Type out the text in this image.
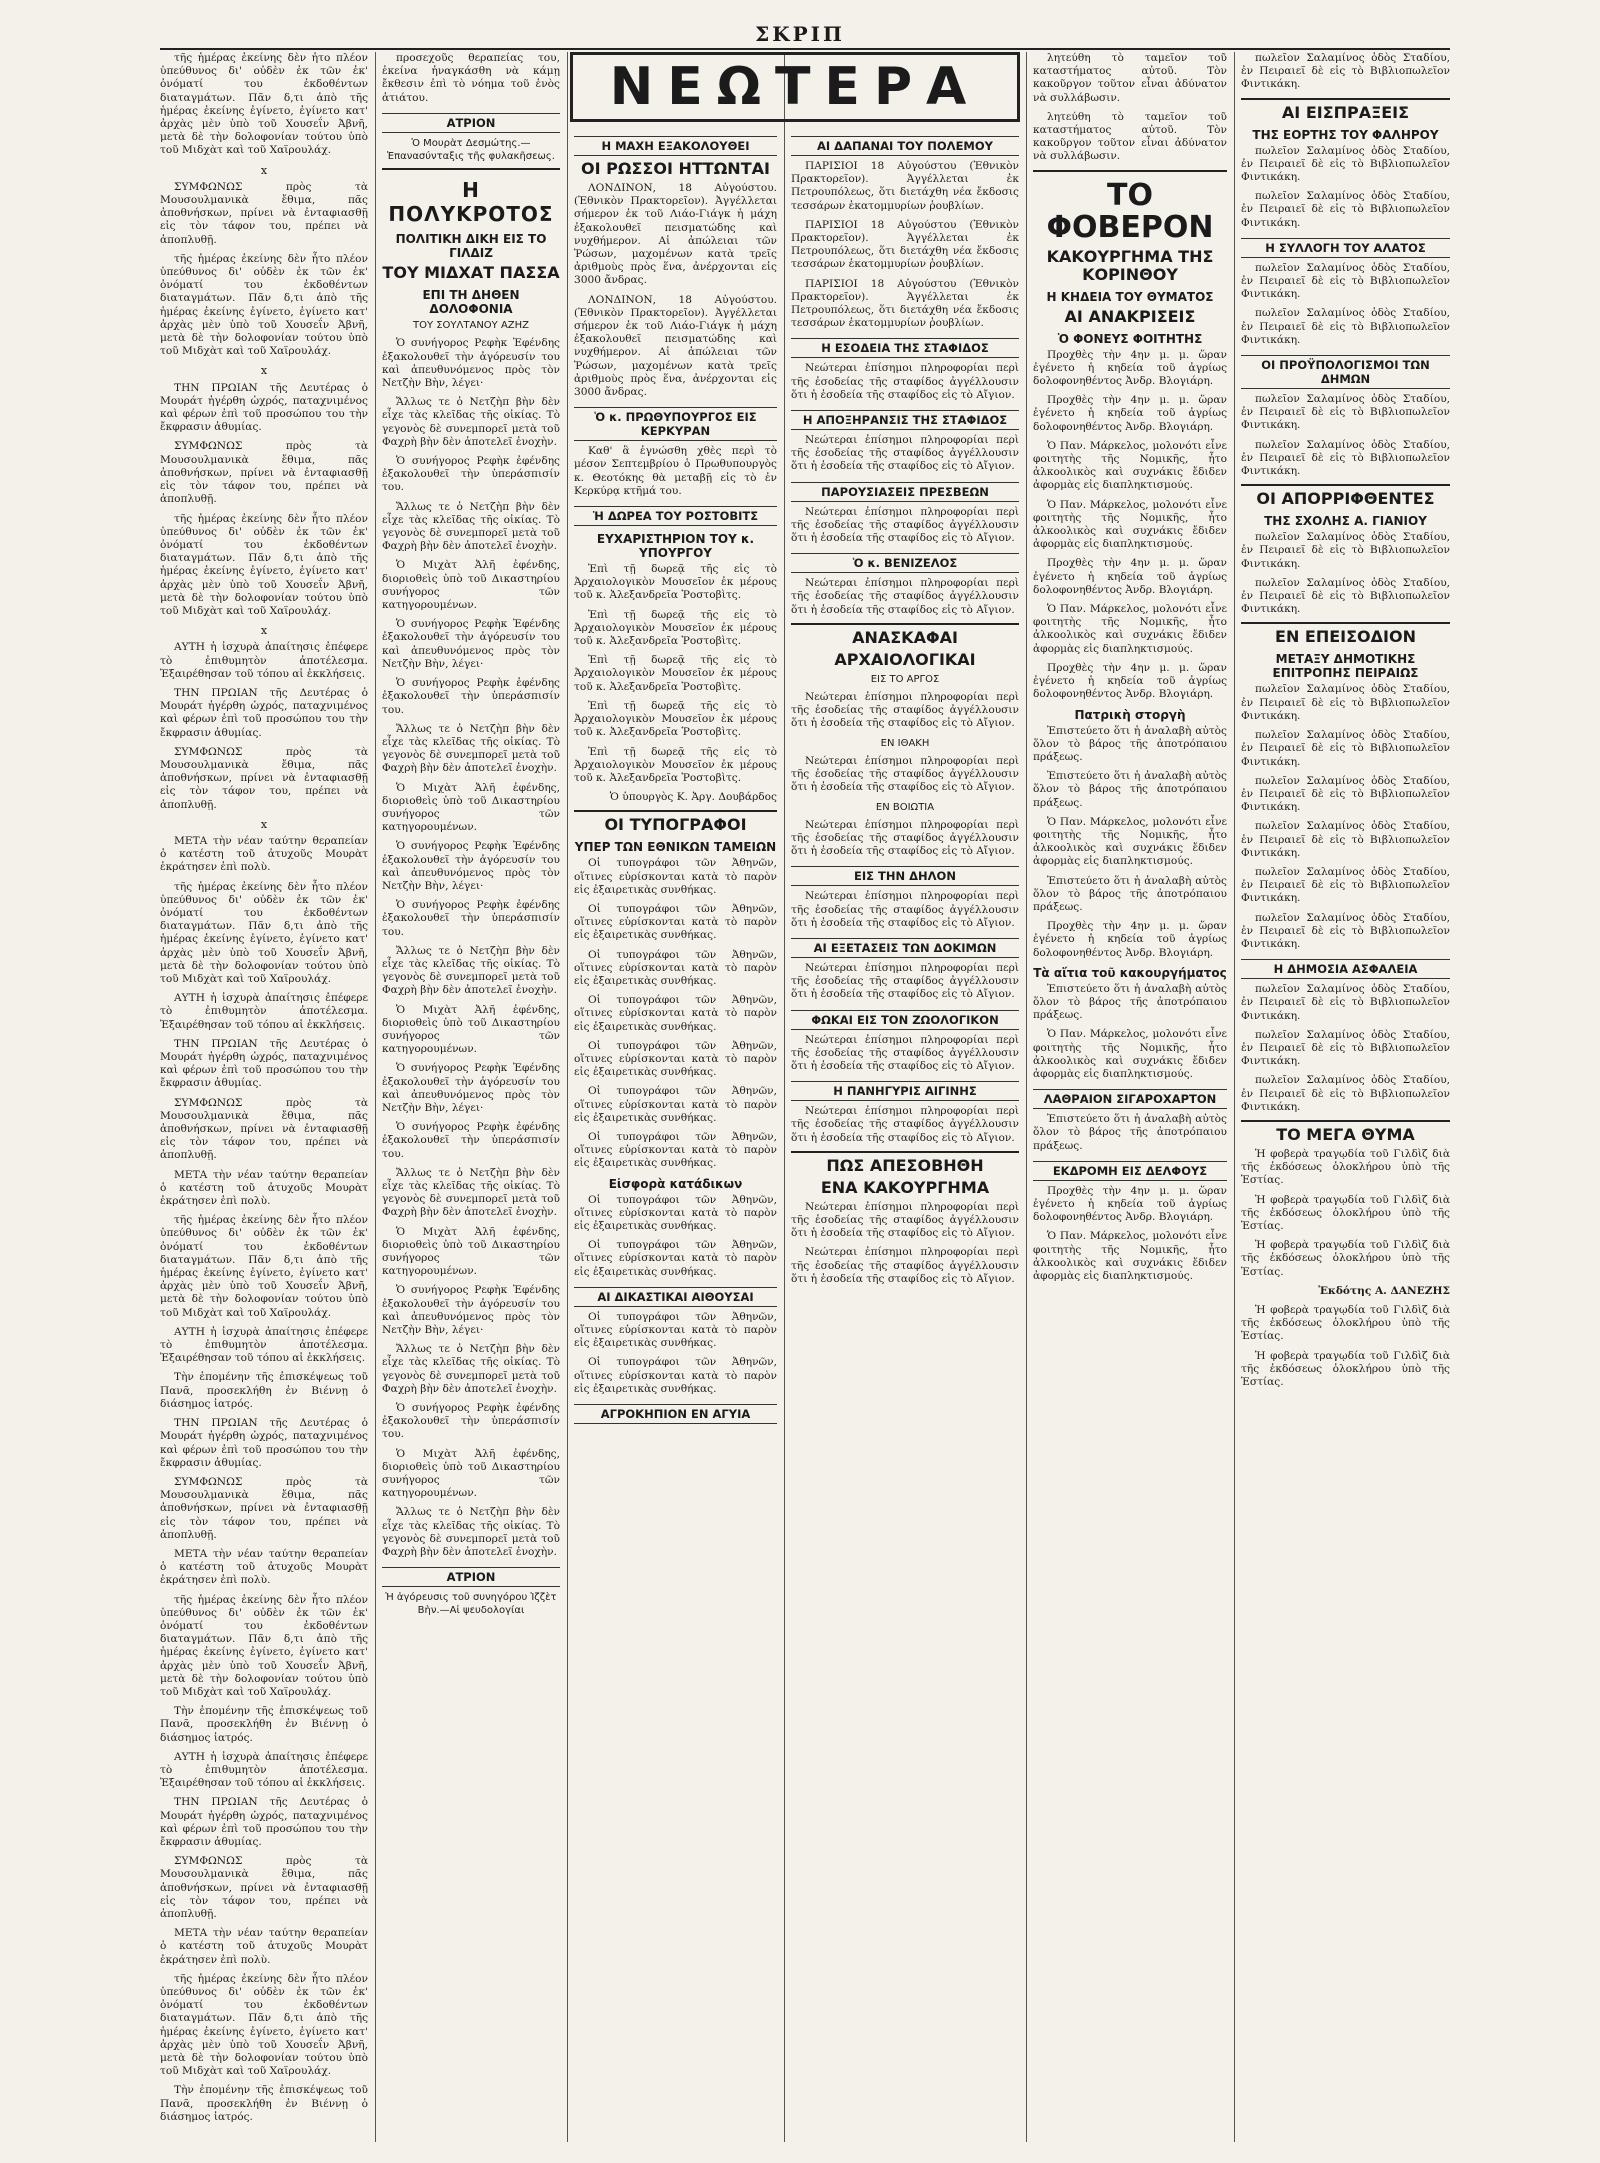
ΣΚΡΙΠ

τῆς ἡμέρας ἐκείνης δὲν ἦτο πλέον ὑπεύθυνος δι' οὐδὲν ἐκ τῶν ἐκ' ὀνόματί του ἐκδοθέντων διαταγμάτων. Πᾶν δ,τι ἀπὸ τῆς ἡμέρας ἐκείνης ἐγίνετο, ἐγίνετο κατ' ἀρχὰς μὲν ὑπὸ τοῦ Χουσεΐν Ἀβνῆ, μετὰ δὲ τὴν δολοφονίαν τούτου ὑπὸ τοῦ Μιδχὰτ καὶ τοῦ Χαϊρουλάχ.

x

ΣΥΜΦΩΝΩΣ πρὸς τὰ Μουσουλμανικὰ ἔθιμα, πᾶς ἀποθνήσκων, πρίνει νὰ ἐνταφιασθῇ εἰς τὸν τάφον του, πρέπει νὰ ἀποπλυθῇ.

τῆς ἡμέρας ἐκείνης δὲν ἦτο πλέον ὑπεύθυνος δι' οὐδὲν ἐκ τῶν ἐκ' ὀνόματί του ἐκδοθέντων διαταγμάτων. Πᾶν δ,τι ἀπὸ τῆς ἡμέρας ἐκείνης ἐγίνετο, ἐγίνετο κατ' ἀρχὰς μὲν ὑπὸ τοῦ Χουσεΐν Ἀβνῆ, μετὰ δὲ τὴν δολοφονίαν τούτου ὑπὸ τοῦ Μιδχὰτ καὶ τοῦ Χαϊρουλάχ.

x

ΤΗΝ ΠΡΩΙΑΝ τῆς Δευτέρας ὁ Μουράτ ἠγέρθη ὠχρός, παταχνιμένος καὶ φέρων ἐπὶ τοῦ προσώπου του τὴν ἔκφρασιν ἀθυμίας.

ΣΥΜΦΩΝΩΣ πρὸς τὰ Μουσουλμανικὰ ἔθιμα, πᾶς ἀποθνήσκων, πρίνει νὰ ἐνταφιασθῇ εἰς τὸν τάφον του, πρέπει νὰ ἀποπλυθῇ.

τῆς ἡμέρας ἐκείνης δὲν ἦτο πλέον ὑπεύθυνος δι' οὐδὲν ἐκ τῶν ἐκ' ὀνόματί του ἐκδοθέντων διαταγμάτων. Πᾶν δ,τι ἀπὸ τῆς ἡμέρας ἐκείνης ἐγίνετο, ἐγίνετο κατ' ἀρχὰς μὲν ὑπὸ τοῦ Χουσεΐν Ἀβνῆ, μετὰ δὲ τὴν δολοφονίαν τούτου ὑπὸ τοῦ Μιδχὰτ καὶ τοῦ Χαϊρουλάχ.

x

ΑΥΤΗ ἡ ἰσχυρὰ ἀπαίτησις ἐπέφερε τὸ ἐπιθυμητὸν ἀποτέλεσμα. Ἐξαιρέθησαν τοῦ τόπου αἱ ἐκκλήσεις.

ΤΗΝ ΠΡΩΙΑΝ τῆς Δευτέρας ὁ Μουράτ ἠγέρθη ὠχρός, παταχνιμένος καὶ φέρων ἐπὶ τοῦ προσώπου του τὴν ἔκφρασιν ἀθυμίας.

ΣΥΜΦΩΝΩΣ πρὸς τὰ Μουσουλμανικὰ ἔθιμα, πᾶς ἀποθνήσκων, πρίνει νὰ ἐνταφιασθῇ εἰς τὸν τάφον του, πρέπει νὰ ἀποπλυθῇ.

x

ΜΕΤΑ τὴν νέαν ταύτην θεραπείαν ὁ κατέστη τοῦ ἀτυχοῦς Μουρὰτ ἐκράτησεν ἐπὶ πολὺ.

τῆς ἡμέρας ἐκείνης δὲν ἦτο πλέον ὑπεύθυνος δι' οὐδὲν ἐκ τῶν ἐκ' ὀνόματί του ἐκδοθέντων διαταγμάτων. Πᾶν δ,τι ἀπὸ τῆς ἡμέρας ἐκείνης ἐγίνετο, ἐγίνετο κατ' ἀρχὰς μὲν ὑπὸ τοῦ Χουσεΐν Ἀβνῆ, μετὰ δὲ τὴν δολοφονίαν τούτου ὑπὸ τοῦ Μιδχὰτ καὶ τοῦ Χαϊρουλάχ.

ΑΥΤΗ ἡ ἰσχυρὰ ἀπαίτησις ἐπέφερε τὸ ἐπιθυμητὸν ἀποτέλεσμα. Ἐξαιρέθησαν τοῦ τόπου αἱ ἐκκλήσεις.

ΤΗΝ ΠΡΩΙΑΝ τῆς Δευτέρας ὁ Μουράτ ἠγέρθη ὠχρός, παταχνιμένος καὶ φέρων ἐπὶ τοῦ προσώπου του τὴν ἔκφρασιν ἀθυμίας.

ΣΥΜΦΩΝΩΣ πρὸς τὰ Μουσουλμανικὰ ἔθιμα, πᾶς ἀποθνήσκων, πρίνει νὰ ἐνταφιασθῇ εἰς τὸν τάφον του, πρέπει νὰ ἀποπλυθῇ.

ΜΕΤΑ τὴν νέαν ταύτην θεραπείαν ὁ κατέστη τοῦ ἀτυχοῦς Μουρὰτ ἐκράτησεν ἐπὶ πολὺ.

τῆς ἡμέρας ἐκείνης δὲν ἦτο πλέον ὑπεύθυνος δι' οὐδὲν ἐκ τῶν ἐκ' ὀνόματί του ἐκδοθέντων διαταγμάτων. Πᾶν δ,τι ἀπὸ τῆς ἡμέρας ἐκείνης ἐγίνετο, ἐγίνετο κατ' ἀρχὰς μὲν ὑπὸ τοῦ Χουσεΐν Ἀβνῆ, μετὰ δὲ τὴν δολοφονίαν τούτου ὑπὸ τοῦ Μιδχὰτ καὶ τοῦ Χαϊρουλάχ.

ΑΥΤΗ ἡ ἰσχυρὰ ἀπαίτησις ἐπέφερε τὸ ἐπιθυμητὸν ἀποτέλεσμα. Ἐξαιρέθησαν τοῦ τόπου αἱ ἐκκλήσεις.

Τὴν ἐπομένην τῆς ἐπισκέψεως τοῦ Πανᾶ, προσεκλήθη ἐν Βιέννῃ ὁ διάσημος ἰατρός.

ΤΗΝ ΠΡΩΙΑΝ τῆς Δευτέρας ὁ Μουράτ ἠγέρθη ὠχρός, παταχνιμένος καὶ φέρων ἐπὶ τοῦ προσώπου του τὴν ἔκφρασιν ἀθυμίας.

ΣΥΜΦΩΝΩΣ πρὸς τὰ Μουσουλμανικὰ ἔθιμα, πᾶς ἀποθνήσκων, πρίνει νὰ ἐνταφιασθῇ εἰς τὸν τάφον του, πρέπει νὰ ἀποπλυθῇ.

ΜΕΤΑ τὴν νέαν ταύτην θεραπείαν ὁ κατέστη τοῦ ἀτυχοῦς Μουρὰτ ἐκράτησεν ἐπὶ πολὺ.

τῆς ἡμέρας ἐκείνης δὲν ἦτο πλέον ὑπεύθυνος δι' οὐδὲν ἐκ τῶν ἐκ' ὀνόματί του ἐκδοθέντων διαταγμάτων. Πᾶν δ,τι ἀπὸ τῆς ἡμέρας ἐκείνης ἐγίνετο, ἐγίνετο κατ' ἀρχὰς μὲν ὑπὸ τοῦ Χουσεΐν Ἀβνῆ, μετὰ δὲ τὴν δολοφονίαν τούτου ὑπὸ τοῦ Μιδχὰτ καὶ τοῦ Χαϊρουλάχ.

Τὴν ἐπομένην τῆς ἐπισκέψεως τοῦ Πανᾶ, προσεκλήθη ἐν Βιέννῃ ὁ διάσημος ἰατρός.

ΑΥΤΗ ἡ ἰσχυρὰ ἀπαίτησις ἐπέφερε τὸ ἐπιθυμητὸν ἀποτέλεσμα. Ἐξαιρέθησαν τοῦ τόπου αἱ ἐκκλήσεις.

ΤΗΝ ΠΡΩΙΑΝ τῆς Δευτέρας ὁ Μουράτ ἠγέρθη ὠχρός, παταχνιμένος καὶ φέρων ἐπὶ τοῦ προσώπου του τὴν ἔκφρασιν ἀθυμίας.

ΣΥΜΦΩΝΩΣ πρὸς τὰ Μουσουλμανικὰ ἔθιμα, πᾶς ἀποθνήσκων, πρίνει νὰ ἐνταφιασθῇ εἰς τὸν τάφον του, πρέπει νὰ ἀποπλυθῇ.

ΜΕΤΑ τὴν νέαν ταύτην θεραπείαν ὁ κατέστη τοῦ ἀτυχοῦς Μουρὰτ ἐκράτησεν ἐπὶ πολὺ.

τῆς ἡμέρας ἐκείνης δὲν ἦτο πλέον ὑπεύθυνος δι' οὐδὲν ἐκ τῶν ἐκ' ὀνόματί του ἐκδοθέντων διαταγμάτων. Πᾶν δ,τι ἀπὸ τῆς ἡμέρας ἐκείνης ἐγίνετο, ἐγίνετο κατ' ἀρχὰς μὲν ὑπὸ τοῦ Χουσεΐν Ἀβνῆ, μετὰ δὲ τὴν δολοφονίαν τούτου ὑπὸ τοῦ Μιδχὰτ καὶ τοῦ Χαϊρουλάχ.

Τὴν ἐπομένην τῆς ἐπισκέψεως τοῦ Πανᾶ, προσεκλήθη ἐν Βιέννῃ ὁ διάσημος ἰατρός.

προσεχοῦς θεραπείας του, ἐκείνα ἠναγκάσθη νὰ κάμῃ ἔκθεσιν ἐπὶ τὸ νόημα τοῦ ἑνὸς ἀτιάτου.

ΑΤΡΙΟΝ
Ὁ Μουρὰτ Δεσμώτης.—Ἐπανασύνταξις τῆς φυλακῆσεως.
Η ΠΟΛΥΚΡΟΤΟΣ
ΠΟΛΙΤΙΚΗ ΔΙΚΗ ΕΙΣ ΤΟ ΓΙΛΔΙΖ
ΤΟΥ ΜΙΔΧΑΤ ΠΑΣΣΑ
ΕΠΙ ΤΗ ΔΗΘΕΝ ΔΟΛΟΦΟΝΙΑ
ΤΟΥ ΣΟΥΛΤΑΝΟΥ ΑΖΗΖ

Ὁ συνήγορος Ρεφὴκ Ἐφένδης ἐξακολουθεῖ τὴν ἀγόρευσίν του καὶ ἀπευθυνόμενος πρὸς τὸν Νετζὴν Βὴν, λέγει·

Ἄλλως τε ὁ Νετζὴπ βὴν δὲν εἶχε τὰς κλεῖδας τῆς οἰκίας. Τὸ γεγονὸς δὲ συνεμπορεῖ μετὰ τοῦ Φαχρὴ βὴν δὲν ἀποτελεῖ ἐνοχὴν.

Ὁ συνήγορος Ρεφὴκ ἐφένδης ἐξακολουθεῖ τὴν ὑπεράσπισίν του.

Ἄλλως τε ὁ Νετζὴπ βὴν δὲν εἶχε τὰς κλεῖδας τῆς οἰκίας. Τὸ γεγονὸς δὲ συνεμπορεῖ μετὰ τοῦ Φαχρὴ βὴν δὲν ἀποτελεῖ ἐνοχὴν.

Ὁ Μιχὰτ Ἀλῆ ἐφένδης, διοριοθεὶς ὑπὸ τοῦ Δικαστηρίου συνήγορος τῶν κατηγορουμένων.

Ὁ συνήγορος Ρεφὴκ Ἐφένδης ἐξακολουθεῖ τὴν ἀγόρευσίν του καὶ ἀπευθυνόμενος πρὸς τὸν Νετζὴν Βὴν, λέγει·

Ὁ συνήγορος Ρεφὴκ ἐφένδης ἐξακολουθεῖ τὴν ὑπεράσπισίν του.

Ἄλλως τε ὁ Νετζὴπ βὴν δὲν εἶχε τὰς κλεῖδας τῆς οἰκίας. Τὸ γεγονὸς δὲ συνεμπορεῖ μετὰ τοῦ Φαχρὴ βὴν δὲν ἀποτελεῖ ἐνοχὴν.

Ὁ Μιχὰτ Ἀλῆ ἐφένδης, διοριοθεὶς ὑπὸ τοῦ Δικαστηρίου συνήγορος τῶν κατηγορουμένων.

Ὁ συνήγορος Ρεφὴκ Ἐφένδης ἐξακολουθεῖ τὴν ἀγόρευσίν του καὶ ἀπευθυνόμενος πρὸς τὸν Νετζὴν Βὴν, λέγει·

Ὁ συνήγορος Ρεφὴκ ἐφένδης ἐξακολουθεῖ τὴν ὑπεράσπισίν του.

Ἄλλως τε ὁ Νετζὴπ βὴν δὲν εἶχε τὰς κλεῖδας τῆς οἰκίας. Τὸ γεγονὸς δὲ συνεμπορεῖ μετὰ τοῦ Φαχρὴ βὴν δὲν ἀποτελεῖ ἐνοχὴν.

Ὁ Μιχὰτ Ἀλῆ ἐφένδης, διοριοθεὶς ὑπὸ τοῦ Δικαστηρίου συνήγορος τῶν κατηγορουμένων.

Ὁ συνήγορος Ρεφὴκ Ἐφένδης ἐξακολουθεῖ τὴν ἀγόρευσίν του καὶ ἀπευθυνόμενος πρὸς τὸν Νετζὴν Βὴν, λέγει·

Ὁ συνήγορος Ρεφὴκ ἐφένδης ἐξακολουθεῖ τὴν ὑπεράσπισίν του.

Ἄλλως τε ὁ Νετζὴπ βὴν δὲν εἶχε τὰς κλεῖδας τῆς οἰκίας. Τὸ γεγονὸς δὲ συνεμπορεῖ μετὰ τοῦ Φαχρὴ βὴν δὲν ἀποτελεῖ ἐνοχὴν.

Ὁ Μιχὰτ Ἀλῆ ἐφένδης, διοριοθεὶς ὑπὸ τοῦ Δικαστηρίου συνήγορος τῶν κατηγορουμένων.

Ὁ συνήγορος Ρεφὴκ Ἐφένδης ἐξακολουθεῖ τὴν ἀγόρευσίν του καὶ ἀπευθυνόμενος πρὸς τὸν Νετζὴν Βὴν, λέγει·

Ἄλλως τε ὁ Νετζὴπ βὴν δὲν εἶχε τὰς κλεῖδας τῆς οἰκίας. Τὸ γεγονὸς δὲ συνεμπορεῖ μετὰ τοῦ Φαχρὴ βὴν δὲν ἀποτελεῖ ἐνοχὴν.

Ὁ συνήγορος Ρεφὴκ ἐφένδης ἐξακολουθεῖ τὴν ὑπεράσπισίν του.

Ὁ Μιχὰτ Ἀλῆ ἐφένδης, διοριοθεὶς ὑπὸ τοῦ Δικαστηρίου συνήγορος τῶν κατηγορουμένων.

Ἄλλως τε ὁ Νετζὴπ βὴν δὲν εἶχε τὰς κλεῖδας τῆς οἰκίας. Τὸ γεγονὸς δὲ συνεμπορεῖ μετὰ τοῦ Φαχρὴ βὴν δὲν ἀποτελεῖ ἐνοχὴν.

ΑΤΡΙΟΝ
Ἡ ἀγόρευσις τοῦ συνηγόρου Ἰζζὲτ Βὴν.—Αἱ ψευδολογίαι
ΝΕΩΤΕΡΑ
Η ΜΑΧΗ ΕΞΑΚΟΛΟΥΘΕΙ
ΟΙ ΡΩΣΣΟΙ ΗΤΤΩΝΤΑΙ

ΛΟΝΔΙΝΟΝ, 18 Αὐγούστου. (Ἐθνικὸν Πρακτορεῖον). Ἀγγέλλεται σήμερον ἐκ τοῦ Λιάο-Γιάγκ ἡ μάχη ἐξακολουθεῖ πεισματώδης καὶ νυχθήμερον. Αἱ ἀπώλειαι τῶν Ῥώσων, μαχομένων κατὰ τρεῖς ἀριθμοὺς πρὸς ἕνα, ἀνέρχονται εἰς 3000 ἄνδρας.

ΛΟΝΔΙΝΟΝ, 18 Αὐγούστου. (Ἐθνικὸν Πρακτορεῖον). Ἀγγέλλεται σήμερον ἐκ τοῦ Λιάο-Γιάγκ ἡ μάχη ἐξακολουθεῖ πεισματώδης καὶ νυχθήμερον. Αἱ ἀπώλειαι τῶν Ῥώσων, μαχομένων κατὰ τρεῖς ἀριθμοὺς πρὸς ἕνα, ἀνέρχονται εἰς 3000 ἄνδρας.

Ὁ κ. ΠΡΩΘΥΠΟΥΡΓΟΣ ΕΙΣ ΚΕΡΚΥΡΑΝ

Καθ' ἃ ἐγνώσθη χθὲς περὶ τὸ μέσον Σεπτεμβρίου ὁ Πρωθυπουργὸς κ. Θεοτόκης θὰ μεταβῇ εἰς τὸ ἐν Κερκύρᾳ κτῆμά του.

Ἡ ΔΩΡΕΑ ΤΟΥ ΡΟΣΤΟΒΙΤΣ
ΕΥΧΑΡΙΣΤΗΡΙΟΝ ΤΟΥ κ. ΥΠΟΥΡΓΟΥ

Ἐπὶ τῇ δωρεᾷ τῆς εἰς τὸ Ἀρχαιολογικὸν Μουσεῖον ἐκ μέρους τοῦ κ. Ἀλεξανδρεῖα Ῥοστοβὶτς.

Ἐπὶ τῇ δωρεᾷ τῆς εἰς τὸ Ἀρχαιολογικὸν Μουσεῖον ἐκ μέρους τοῦ κ. Ἀλεξανδρεῖα Ῥοστοβὶτς.

Ἐπὶ τῇ δωρεᾷ τῆς εἰς τὸ Ἀρχαιολογικὸν Μουσεῖον ἐκ μέρους τοῦ κ. Ἀλεξανδρεῖα Ῥοστοβὶτς.

Ἐπὶ τῇ δωρεᾷ τῆς εἰς τὸ Ἀρχαιολογικὸν Μουσεῖον ἐκ μέρους τοῦ κ. Ἀλεξανδρεῖα Ῥοστοβὶτς.

Ἐπὶ τῇ δωρεᾷ τῆς εἰς τὸ Ἀρχαιολογικὸν Μουσεῖον ἐκ μέρους τοῦ κ. Ἀλεξανδρεῖα Ῥοστοβὶτς.

Ὁ ὑπουργὸς Κ. Ἀργ. Δουβάρδος

ΟΙ ΤΥΠΟΓΡΑΦΟΙ
ΥΠΕΡ ΤΩΝ ΕΘΝΙΚΩΝ ΤΑΜΕΙΩΝ

Οἱ τυπογράφοι τῶν Ἀθηνῶν, οἵτινες εὑρίσκονται κατὰ τὸ παρὸν εἰς ἐξαιρετικὰς συνθήκας.

Οἱ τυπογράφοι τῶν Ἀθηνῶν, οἵτινες εὑρίσκονται κατὰ τὸ παρὸν εἰς ἐξαιρετικὰς συνθήκας.

Οἱ τυπογράφοι τῶν Ἀθηνῶν, οἵτινες εὑρίσκονται κατὰ τὸ παρὸν εἰς ἐξαιρετικὰς συνθήκας.

Οἱ τυπογράφοι τῶν Ἀθηνῶν, οἵτινες εὑρίσκονται κατὰ τὸ παρὸν εἰς ἐξαιρετικὰς συνθήκας.

Οἱ τυπογράφοι τῶν Ἀθηνῶν, οἵτινες εὑρίσκονται κατὰ τὸ παρὸν εἰς ἐξαιρετικὰς συνθήκας.

Οἱ τυπογράφοι τῶν Ἀθηνῶν, οἵτινες εὑρίσκονται κατὰ τὸ παρὸν εἰς ἐξαιρετικὰς συνθήκας.

Οἱ τυπογράφοι τῶν Ἀθηνῶν, οἵτινες εὑρίσκονται κατὰ τὸ παρὸν εἰς ἐξαιρετικὰς συνθήκας.

Εἰσφορὰ κατάδικων

Οἱ τυπογράφοι τῶν Ἀθηνῶν, οἵτινες εὑρίσκονται κατὰ τὸ παρὸν εἰς ἐξαιρετικὰς συνθήκας.

Οἱ τυπογράφοι τῶν Ἀθηνῶν, οἵτινες εὑρίσκονται κατὰ τὸ παρὸν εἰς ἐξαιρετικὰς συνθήκας.

ΑΙ ΔΙΚΑΣΤΙΚΑΙ ΑΙΘΟΥΣΑΙ

Οἱ τυπογράφοι τῶν Ἀθηνῶν, οἵτινες εὑρίσκονται κατὰ τὸ παρὸν εἰς ἐξαιρετικὰς συνθήκας.

Οἱ τυπογράφοι τῶν Ἀθηνῶν, οἵτινες εὑρίσκονται κατὰ τὸ παρὸν εἰς ἐξαιρετικὰς συνθήκας.

ΑΓΡΟΚΗΠΙΟΝ ΕΝ ΑΓΥΙΑ
ΑΙ ΔΑΠΑΝΑΙ ΤΟΥ ΠΟΛΕΜΟΥ

ΠΑΡΙΣΙΟΙ 18 Αὐγούστου (Ἐθνικὸν Πρακτορεῖον). Ἀγγέλλεται ἐκ Πετρουπόλεως, ὅτι διετάχθη νέα ἔκδοσις τεσσάρων ἑκατομμυρίων ῥουβλίων.

ΠΑΡΙΣΙΟΙ 18 Αὐγούστου (Ἐθνικὸν Πρακτορεῖον). Ἀγγέλλεται ἐκ Πετρουπόλεως, ὅτι διετάχθη νέα ἔκδοσις τεσσάρων ἑκατομμυρίων ῥουβλίων.

ΠΑΡΙΣΙΟΙ 18 Αὐγούστου (Ἐθνικὸν Πρακτορεῖον). Ἀγγέλλεται ἐκ Πετρουπόλεως, ὅτι διετάχθη νέα ἔκδοσις τεσσάρων ἑκατομμυρίων ῥουβλίων.

Η ΕΣΟΔΕΙΑ ΤΗΣ ΣΤΑΦΙΔΟΣ

Νεώτεραι ἐπίσημοι πληροφορίαι περὶ τῆς ἐσοδείας τῆς σταφίδος ἀγγέλλουσιν ὅτι ἡ ἐσοδεία τῆς σταφίδος εἰς τὸ Αἴγιον.

Η ΑΠΟΞΗΡΑΝΣΙΣ ΤΗΣ ΣΤΑΦΙΔΟΣ

Νεώτεραι ἐπίσημοι πληροφορίαι περὶ τῆς ἐσοδείας τῆς σταφίδος ἀγγέλλουσιν ὅτι ἡ ἐσοδεία τῆς σταφίδος εἰς τὸ Αἴγιον.

ΠΑΡΟΥΣΙΑΣΕΙΣ ΠΡΕΣΒΕΩΝ

Νεώτεραι ἐπίσημοι πληροφορίαι περὶ τῆς ἐσοδείας τῆς σταφίδος ἀγγέλλουσιν ὅτι ἡ ἐσοδεία τῆς σταφίδος εἰς τὸ Αἴγιον.

Ὁ κ. ΒΕΝΙΖΕΛΟΣ

Νεώτεραι ἐπίσημοι πληροφορίαι περὶ τῆς ἐσοδείας τῆς σταφίδος ἀγγέλλουσιν ὅτι ἡ ἐσοδεία τῆς σταφίδος εἰς τὸ Αἴγιον.

ΑΝΑΣΚΑΦΑΙ
ΑΡΧΑΙΟΛΟΓΙΚΑΙ
ΕΙΣ ΤΟ ΑΡΓΟΣ

Νεώτεραι ἐπίσημοι πληροφορίαι περὶ τῆς ἐσοδείας τῆς σταφίδος ἀγγέλλουσιν ὅτι ἡ ἐσοδεία τῆς σταφίδος εἰς τὸ Αἴγιον.

ΕΝ ΙΘΑΚΗ

Νεώτεραι ἐπίσημοι πληροφορίαι περὶ τῆς ἐσοδείας τῆς σταφίδος ἀγγέλλουσιν ὅτι ἡ ἐσοδεία τῆς σταφίδος εἰς τὸ Αἴγιον.

ΕΝ ΒΟΙΩΤΙΑ

Νεώτεραι ἐπίσημοι πληροφορίαι περὶ τῆς ἐσοδείας τῆς σταφίδος ἀγγέλλουσιν ὅτι ἡ ἐσοδεία τῆς σταφίδος εἰς τὸ Αἴγιον.

ΕΙΣ ΤΗΝ ΔΗΛΟΝ

Νεώτεραι ἐπίσημοι πληροφορίαι περὶ τῆς ἐσοδείας τῆς σταφίδος ἀγγέλλουσιν ὅτι ἡ ἐσοδεία τῆς σταφίδος εἰς τὸ Αἴγιον.

ΑΙ ΕΞΕΤΑΣΕΙΣ ΤΩΝ ΔΟΚΙΜΩΝ

Νεώτεραι ἐπίσημοι πληροφορίαι περὶ τῆς ἐσοδείας τῆς σταφίδος ἀγγέλλουσιν ὅτι ἡ ἐσοδεία τῆς σταφίδος εἰς τὸ Αἴγιον.

ΦΩΚΑΙ ΕΙΣ ΤΟΝ ΖΩΟΛΟΓΙΚΟΝ

Νεώτεραι ἐπίσημοι πληροφορίαι περὶ τῆς ἐσοδείας τῆς σταφίδος ἀγγέλλουσιν ὅτι ἡ ἐσοδεία τῆς σταφίδος εἰς τὸ Αἴγιον.

Η ΠΑΝΗΓΥΡΙΣ ΑΙΓΙΝΗΣ

Νεώτεραι ἐπίσημοι πληροφορίαι περὶ τῆς ἐσοδείας τῆς σταφίδος ἀγγέλλουσιν ὅτι ἡ ἐσοδεία τῆς σταφίδος εἰς τὸ Αἴγιον.

ΠΩΣ ΑΠΕΣΟΒΗΘΗ
ΕΝΑ ΚΑΚΟΥΡΓΗΜΑ

Νεώτεραι ἐπίσημοι πληροφορίαι περὶ τῆς ἐσοδείας τῆς σταφίδος ἀγγέλλουσιν ὅτι ἡ ἐσοδεία τῆς σταφίδος εἰς τὸ Αἴγιον.

Νεώτεραι ἐπίσημοι πληροφορίαι περὶ τῆς ἐσοδείας τῆς σταφίδος ἀγγέλλουσιν ὅτι ἡ ἐσοδεία τῆς σταφίδος εἰς τὸ Αἴγιον.

λητεύθη τὸ ταμεῖον τοῦ καταστήματος αὐτοῦ. Τὸν κακοῦργον τοῦτον εἶναι ἀδύνατον νὰ συλλάβωσιν.

λητεύθη τὸ ταμεῖον τοῦ καταστήματος αὐτοῦ. Τὸν κακοῦργον τοῦτον εἶναι ἀδύνατον νὰ συλλάβωσιν.

ΤΟ ΦΟΒΕΡΟΝ
ΚΑΚΟΥΡΓΗΜΑ ΤΗΣ ΚΟΡΙΝΘΟΥ
Η ΚΗΔΕΙΑ ΤΟΥ ΘΥΜΑΤΟΣ
ΑΙ ΑΝΑΚΡΙΣΕΙΣ
Ὁ ΦΟΝΕΥΣ ΦΟΙΤΗΤΗΣ

Προχθὲς τὴν 4ην μ. μ. ὥραν ἐγένετο ἡ κηδεία τοῦ ἀγρίως δολοφονηθέντος Ἀνδρ. Βλογιάρη.

Προχθὲς τὴν 4ην μ. μ. ὥραν ἐγένετο ἡ κηδεία τοῦ ἀγρίως δολοφονηθέντος Ἀνδρ. Βλογιάρη.

Ὁ Παν. Μάρκελος, μολονότι εἶνε φοιτητὴς τῆς Νομικῆς, ἦτο ἀλκοολικὸς καὶ συχνάκις ἔδιδεν ἀφορμὰς εἰς διαπληκτισμούς.

Ὁ Παν. Μάρκελος, μολονότι εἶνε φοιτητὴς τῆς Νομικῆς, ἦτο ἀλκοολικὸς καὶ συχνάκις ἔδιδεν ἀφορμὰς εἰς διαπληκτισμούς.

Προχθὲς τὴν 4ην μ. μ. ὥραν ἐγένετο ἡ κηδεία τοῦ ἀγρίως δολοφονηθέντος Ἀνδρ. Βλογιάρη.

Ὁ Παν. Μάρκελος, μολονότι εἶνε φοιτητὴς τῆς Νομικῆς, ἦτο ἀλκοολικὸς καὶ συχνάκις ἔδιδεν ἀφορμὰς εἰς διαπληκτισμούς.

Προχθὲς τὴν 4ην μ. μ. ὥραν ἐγένετο ἡ κηδεία τοῦ ἀγρίως δολοφονηθέντος Ἀνδρ. Βλογιάρη.

Πατρικὴ στοργὴ

Ἐπιστεύετο ὅτι ἡ ἀναλαβὴ αὐτὸς ὅλον τὸ βάρος τῆς ἀποτρόπαιου πράξεως.

Ἐπιστεύετο ὅτι ἡ ἀναλαβὴ αὐτὸς ὅλον τὸ βάρος τῆς ἀποτρόπαιου πράξεως.

Ὁ Παν. Μάρκελος, μολονότι εἶνε φοιτητὴς τῆς Νομικῆς, ἦτο ἀλκοολικὸς καὶ συχνάκις ἔδιδεν ἀφορμὰς εἰς διαπληκτισμούς.

Ἐπιστεύετο ὅτι ἡ ἀναλαβὴ αὐτὸς ὅλον τὸ βάρος τῆς ἀποτρόπαιου πράξεως.

Προχθὲς τὴν 4ην μ. μ. ὥραν ἐγένετο ἡ κηδεία τοῦ ἀγρίως δολοφονηθέντος Ἀνδρ. Βλογιάρη.

Τὰ αἴτια τοῦ κακουργήματος

Ἐπιστεύετο ὅτι ἡ ἀναλαβὴ αὐτὸς ὅλον τὸ βάρος τῆς ἀποτρόπαιου πράξεως.

Ὁ Παν. Μάρκελος, μολονότι εἶνε φοιτητὴς τῆς Νομικῆς, ἦτο ἀλκοολικὸς καὶ συχνάκις ἔδιδεν ἀφορμὰς εἰς διαπληκτισμούς.

ΛΑΘΡΑΙΟΝ ΣΙΓΑΡΟΧΑΡΤΟΝ

Ἐπιστεύετο ὅτι ἡ ἀναλαβὴ αὐτὸς ὅλον τὸ βάρος τῆς ἀποτρόπαιου πράξεως.

ΕΚΔΡΟΜΗ ΕΙΣ ΔΕΛΦΟΥΣ

Προχθὲς τὴν 4ην μ. μ. ὥραν ἐγένετο ἡ κηδεία τοῦ ἀγρίως δολοφονηθέντος Ἀνδρ. Βλογιάρη.

Ὁ Παν. Μάρκελος, μολονότι εἶνε φοιτητὴς τῆς Νομικῆς, ἦτο ἀλκοολικὸς καὶ συχνάκις ἔδιδεν ἀφορμὰς εἰς διαπληκτισμούς.

πωλεῖον Σαλαμίνος ὁδὸς Σταδίου, ἐν Πειραιεῖ δὲ εἰς τὸ Βιβλιοπωλεῖον Φιντικάκη.

ΑΙ ΕΙΣΠΡΑΞΕΙΣ
ΤΗΣ ΕΟΡΤΗΣ ΤΟΥ ΦΑΛΗΡΟΥ

πωλεῖον Σαλαμίνος ὁδὸς Σταδίου, ἐν Πειραιεῖ δὲ εἰς τὸ Βιβλιοπωλεῖον Φιντικάκη.

πωλεῖον Σαλαμίνος ὁδὸς Σταδίου, ἐν Πειραιεῖ δὲ εἰς τὸ Βιβλιοπωλεῖον Φιντικάκη.

Η ΣΥΛΛΟΓΗ ΤΟΥ ΑΛΑΤΟΣ

πωλεῖον Σαλαμίνος ὁδὸς Σταδίου, ἐν Πειραιεῖ δὲ εἰς τὸ Βιβλιοπωλεῖον Φιντικάκη.

πωλεῖον Σαλαμίνος ὁδὸς Σταδίου, ἐν Πειραιεῖ δὲ εἰς τὸ Βιβλιοπωλεῖον Φιντικάκη.

ΟΙ ΠΡΟΫΠΟΛΟΓΙΣΜΟΙ ΤΩΝ ΔΗΜΩΝ

πωλεῖον Σαλαμίνος ὁδὸς Σταδίου, ἐν Πειραιεῖ δὲ εἰς τὸ Βιβλιοπωλεῖον Φιντικάκη.

πωλεῖον Σαλαμίνος ὁδὸς Σταδίου, ἐν Πειραιεῖ δὲ εἰς τὸ Βιβλιοπωλεῖον Φιντικάκη.

ΟΙ ΑΠΟΡΡΙΦΘΕΝΤΕΣ
ΤΗΣ ΣΧΟΛΗΣ Α. ΓΙΑΝΙΟΥ

πωλεῖον Σαλαμίνος ὁδὸς Σταδίου, ἐν Πειραιεῖ δὲ εἰς τὸ Βιβλιοπωλεῖον Φιντικάκη.

πωλεῖον Σαλαμίνος ὁδὸς Σταδίου, ἐν Πειραιεῖ δὲ εἰς τὸ Βιβλιοπωλεῖον Φιντικάκη.

ΕΝ ΕΠΕΙΣΟΔΙΟΝ
ΜΕΤΑΞΥ ΔΗΜΟΤΙΚΗΣ ΕΠΙΤΡΟΠΗΣ ΠΕΙΡΑΙΩΣ

πωλεῖον Σαλαμίνος ὁδὸς Σταδίου, ἐν Πειραιεῖ δὲ εἰς τὸ Βιβλιοπωλεῖον Φιντικάκη.

πωλεῖον Σαλαμίνος ὁδὸς Σταδίου, ἐν Πειραιεῖ δὲ εἰς τὸ Βιβλιοπωλεῖον Φιντικάκη.

πωλεῖον Σαλαμίνος ὁδὸς Σταδίου, ἐν Πειραιεῖ δὲ εἰς τὸ Βιβλιοπωλεῖον Φιντικάκη.

πωλεῖον Σαλαμίνος ὁδὸς Σταδίου, ἐν Πειραιεῖ δὲ εἰς τὸ Βιβλιοπωλεῖον Φιντικάκη.

πωλεῖον Σαλαμίνος ὁδὸς Σταδίου, ἐν Πειραιεῖ δὲ εἰς τὸ Βιβλιοπωλεῖον Φιντικάκη.

πωλεῖον Σαλαμίνος ὁδὸς Σταδίου, ἐν Πειραιεῖ δὲ εἰς τὸ Βιβλιοπωλεῖον Φιντικάκη.

Η ΔΗΜΟΣΙΑ ΑΣΦΑΛΕΙΑ

πωλεῖον Σαλαμίνος ὁδὸς Σταδίου, ἐν Πειραιεῖ δὲ εἰς τὸ Βιβλιοπωλεῖον Φιντικάκη.

πωλεῖον Σαλαμίνος ὁδὸς Σταδίου, ἐν Πειραιεῖ δὲ εἰς τὸ Βιβλιοπωλεῖον Φιντικάκη.

πωλεῖον Σαλαμίνος ὁδὸς Σταδίου, ἐν Πειραιεῖ δὲ εἰς τὸ Βιβλιοπωλεῖον Φιντικάκη.

ΤΟ ΜΕΓΑ ΘΥΜΑ

Ἡ φοβερὰ τραγῳδία τοῦ Γιλδὶζ διὰ τῆς ἐκδόσεως ὁλοκλήρου ὑπὸ τῆς Ἑστίας.

Ἡ φοβερὰ τραγῳδία τοῦ Γιλδὶζ διὰ τῆς ἐκδόσεως ὁλοκλήρου ὑπὸ τῆς Ἑστίας.

Ἡ φοβερὰ τραγῳδία τοῦ Γιλδὶζ διὰ τῆς ἐκδόσεως ὁλοκλήρου ὑπὸ τῆς Ἑστίας.

Ἐκδότης Α. ΔΑΝΕΖΗΣ

Ἡ φοβερὰ τραγῳδία τοῦ Γιλδὶζ διὰ τῆς ἐκδόσεως ὁλοκλήρου ὑπὸ τῆς Ἑστίας.

Ἡ φοβερὰ τραγῳδία τοῦ Γιλδὶζ διὰ τῆς ἐκδόσεως ὁλοκλήρου ὑπὸ τῆς Ἑστίας.
